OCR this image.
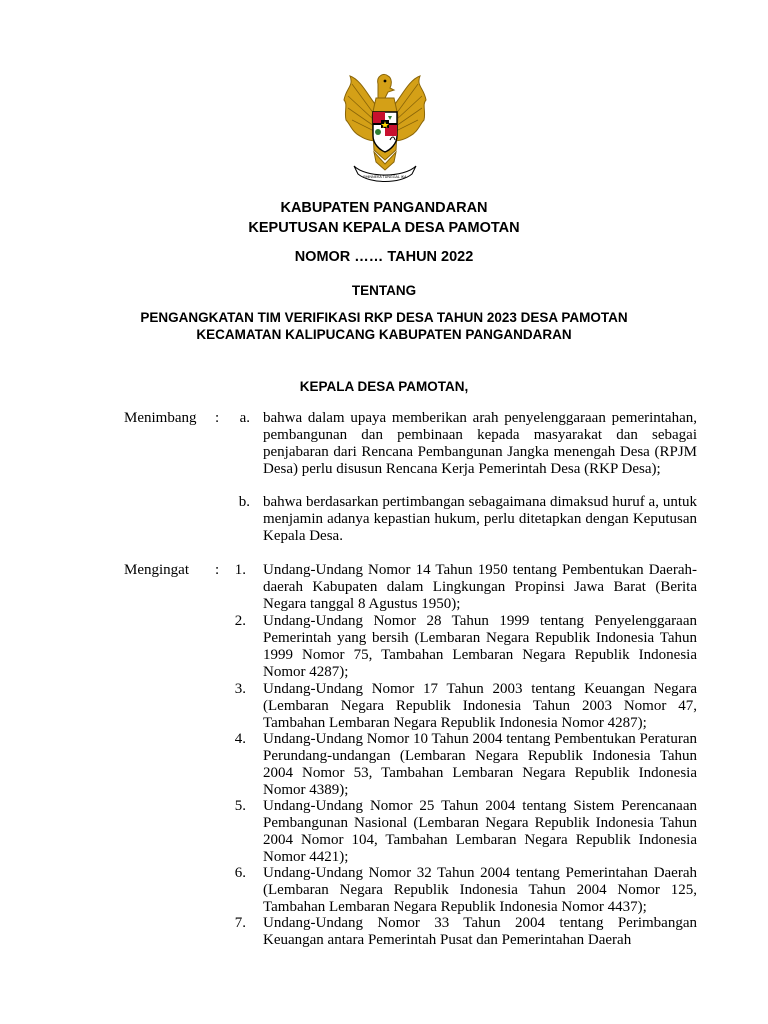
BHINNEKA TUNGGAL IKA
KABUPATEN PANGANDARAN
KEPUTUSAN KEPALA DESA PAMOTAN
NOMOR …… TAHUN 2022
TENTANG
PENGANGKATAN TIM VERIFIKASI RKP DESA TAHUN 2023 DESA PAMOTAN
KECAMATAN KALIPUCANG KABUPATEN PANGANDARAN
KEPALA DESA PAMOTAN,
Menimbang :	a. bahwa dalam upaya memberikan arah penyelenggaraan pemerintahan, pembangunan dan pembinaan kepada masyarakat dan sebagai penjabaran dari Rencana Pembangunan Jangka menengah Desa (RPJM Desa) perlu disusun Rencana Kerja Pemerintah Desa (RKP Desa);
b. bahwa berdasarkan pertimbangan sebagaimana dimaksud huruf a, untuk menjamin adanya kepastian hukum, perlu ditetapkan dengan Keputusan Kepala Desa.
Mengingat :	1. Undang-Undang Nomor 14 Tahun 1950 tentang Pembentukan Daerah-daerah Kabupaten dalam Lingkungan Propinsi Jawa Barat (Berita Negara tanggal 8 Agustus 1950);
2. Undang-Undang Nomor 28 Tahun 1999 tentang Penyelenggaraan Pemerintah yang bersih (Lembaran Negara Republik Indonesia Tahun 1999 Nomor 75, Tambahan Lembaran Negara Republik Indonesia Nomor 4287);
3. Undang-Undang Nomor 17 Tahun 2003 tentang Keuangan Negara (Lembaran Negara Republik Indonesia Tahun 2003 Nomor 47, Tambahan Lembaran Negara Republik Indonesia Nomor 4287);
4. Undang-Undang Nomor 10 Tahun 2004 tentang Pembentukan Peraturan Perundang-undangan (Lembaran Negara Republik Indonesia Tahun 2004 Nomor 53, Tambahan Lembaran Negara Republik Indonesia Nomor 4389);
5. Undang-Undang Nomor 25 Tahun 2004 tentang Sistem Perencanaan Pembangunan Nasional (Lembaran Negara Republik Indonesia Tahun 2004 Nomor 104, Tambahan Lembaran Negara Republik Indonesia Nomor 4421);
6. Undang-Undang Nomor 32 Tahun 2004 tentang Pemerintahan Daerah (Lembaran Negara Republik Indonesia Tahun 2004 Nomor 125, Tambahan Lembaran Negara Republik Indonesia Nomor 4437);
7. Undang-Undang Nomor 33 Tahun 2004 tentang Perimbangan Keuangan antara Pemerintah Pusat dan Pemerintahan Daerah
